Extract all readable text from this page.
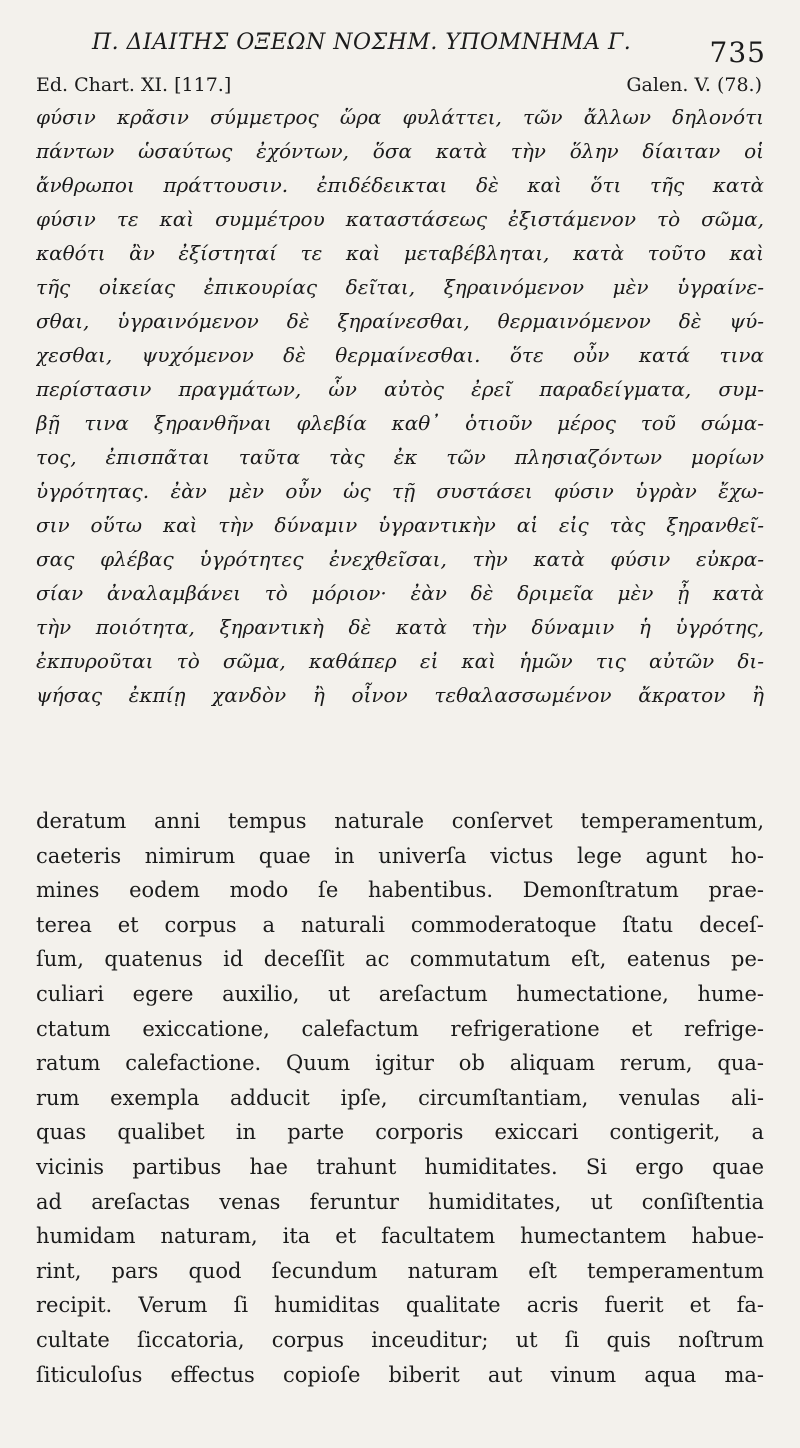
Π. ΔΙΑΙΤΗΣ ΟΞΕΩΝ ΝΟΣΗΜ. ΥΠΟΜΝΗΜΑ Γ.	735
Ed. Chart. XI. [117.]	Galen. V. (78.)
φύσιν κρᾶσιν σύμμετρος ὥρα φυλάττει, τῶν ἄλλων δηλονότι
πάντων ὡσαύτως ἐχόντων, ὅσα κατὰ τὴν ὅλην δίαιταν οἱ
ἄνθρωποι πράττουσιν. ἐπιδέδεικται δὲ καὶ ὅτι τῆς κατὰ
φύσιν τε καὶ συμμέτρου καταστάσεως ἐξιστάμενον τὸ σῶμα,
καθότι ἂν ἐξίστηταί τε καὶ μεταβέβληται, κατὰ τοῦτο καὶ
τῆς οἰκείας ἐπικουρίας δεῖται, ξηραινόμενον μὲν ὑγραίνε-
σθαι, ὑγραινόμενον δὲ ξηραίνεσθαι, θερμαινόμενον δὲ ψύ-
χεσθαι, ψυχόμενον δὲ θερμαίνεσθαι. ὅτε οὖν κατά τινα
περίστασιν πραγμάτων, ὧν αὐτὸς ἐρεῖ παραδείγματα, συμ-
βῇ τινα ξηρανθῆναι φλεβία καθ᾽ ὁτιοῦν μέρος τοῦ σώμα-
τος, ἐπισπᾶται ταῦτα τὰς ἐκ τῶν πλησιαζόντων μορίων
ὑγρότητας. ἐὰν μὲν οὖν ὡς τῇ συστάσει φύσιν ὑγρὰν ἔχω-
σιν οὕτω καὶ τὴν δύναμιν ὑγραντικὴν αἱ εἰς τὰς ξηρανθεῖ-
σας φλέβας ὑγρότητες ἐνεχθεῖσαι, τὴν κατὰ φύσιν εὐκρα-
σίαν ἀναλαμβάνει τὸ μόριον· ἐὰν δὲ δριμεῖα μὲν ᾖ κατὰ
τὴν ποιότητα, ξηραντικὴ δὲ κατὰ τὴν δύναμιν ἡ ὑγρότης,
ἐκπυροῦται τὸ σῶμα, καθάπερ εἰ καὶ ἡμῶν τις αὐτῶν δι-
ψήσας ἐκπίῃ χανδὸν ἢ οἶνον τεθαλασσωμένον ἄκρατον ἢ
deratum anni tempus naturale conſervet temperamentum,
caeteris nimirum quae in univerſa victus lege agunt ho-
mines eodem modo ſe habentibus. Demonſtratum prae-
terea et corpus a naturali commoderatoque ſtatu deceſ-
ſum, quatenus id deceſſit ac commutatum eſt, eatenus pe-
culiari egere auxilio, ut areſactum humectatione, hume-
ctatum exiccatione, calefactum refrigeratione et refrige-
ratum calefactione. Quum igitur ob aliquam rerum, qua-
rum exempla adducit ipſe, circumſtantiam, venulas ali-
quas qualibet in parte corporis exiccari contigerit, a
vicinis partibus hae trahunt humiditates. Si ergo quae
ad areſactas venas feruntur humiditates, ut conſiſtentia
humidam naturam, ita et facultatem humectantem habue-
rint, pars quod ſecundum naturam eſt temperamentum
recipit. Verum ſi humiditas qualitate acris fuerit et fa-
cultate ſiccatoria, corpus inceuditur; ut ſi quis noſtrum
ſiticuloſus effectus copioſe biberit aut vinum aqua ma-
